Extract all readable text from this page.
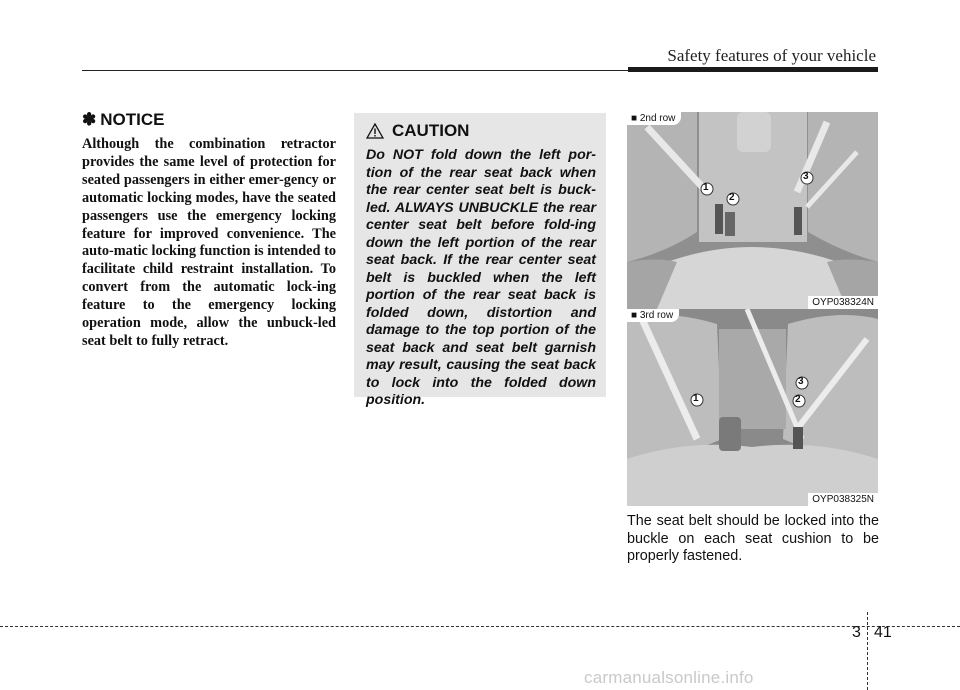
Safety features of your vehicle
✽ NOTICE

Although the combination retractor provides the same level of protection for seated passengers in either emer-gency or automatic locking modes, have the seated passengers use the emergency locking feature for improved convenience. The auto-matic locking function is intended to facilitate child restraint installation. To convert from the automatic lock-ing feature to the emergency locking operation mode, allow the unbuck-led seat belt to fully retract.

CAUTION

Do NOT fold down the left por-tion of the rear seat back when the rear center seat belt is buck-led. ALWAYS UNBUCKLE the rear center seat belt before fold-ing down the left portion of the rear seat back. If the rear center seat belt is buckled when the left portion of the rear seat back is folded down, distortion and damage to the top portion of the seat back and seat belt garnish may result, causing the seat back to lock into the folded down position.

■ 2nd row
1
2
3
OYP038324N
■ 3rd row
1	2
3
OYP038325N

The seat belt should be locked into the buckle on each seat cushion to be properly fastened.

3 41
carmanualsonline.info
